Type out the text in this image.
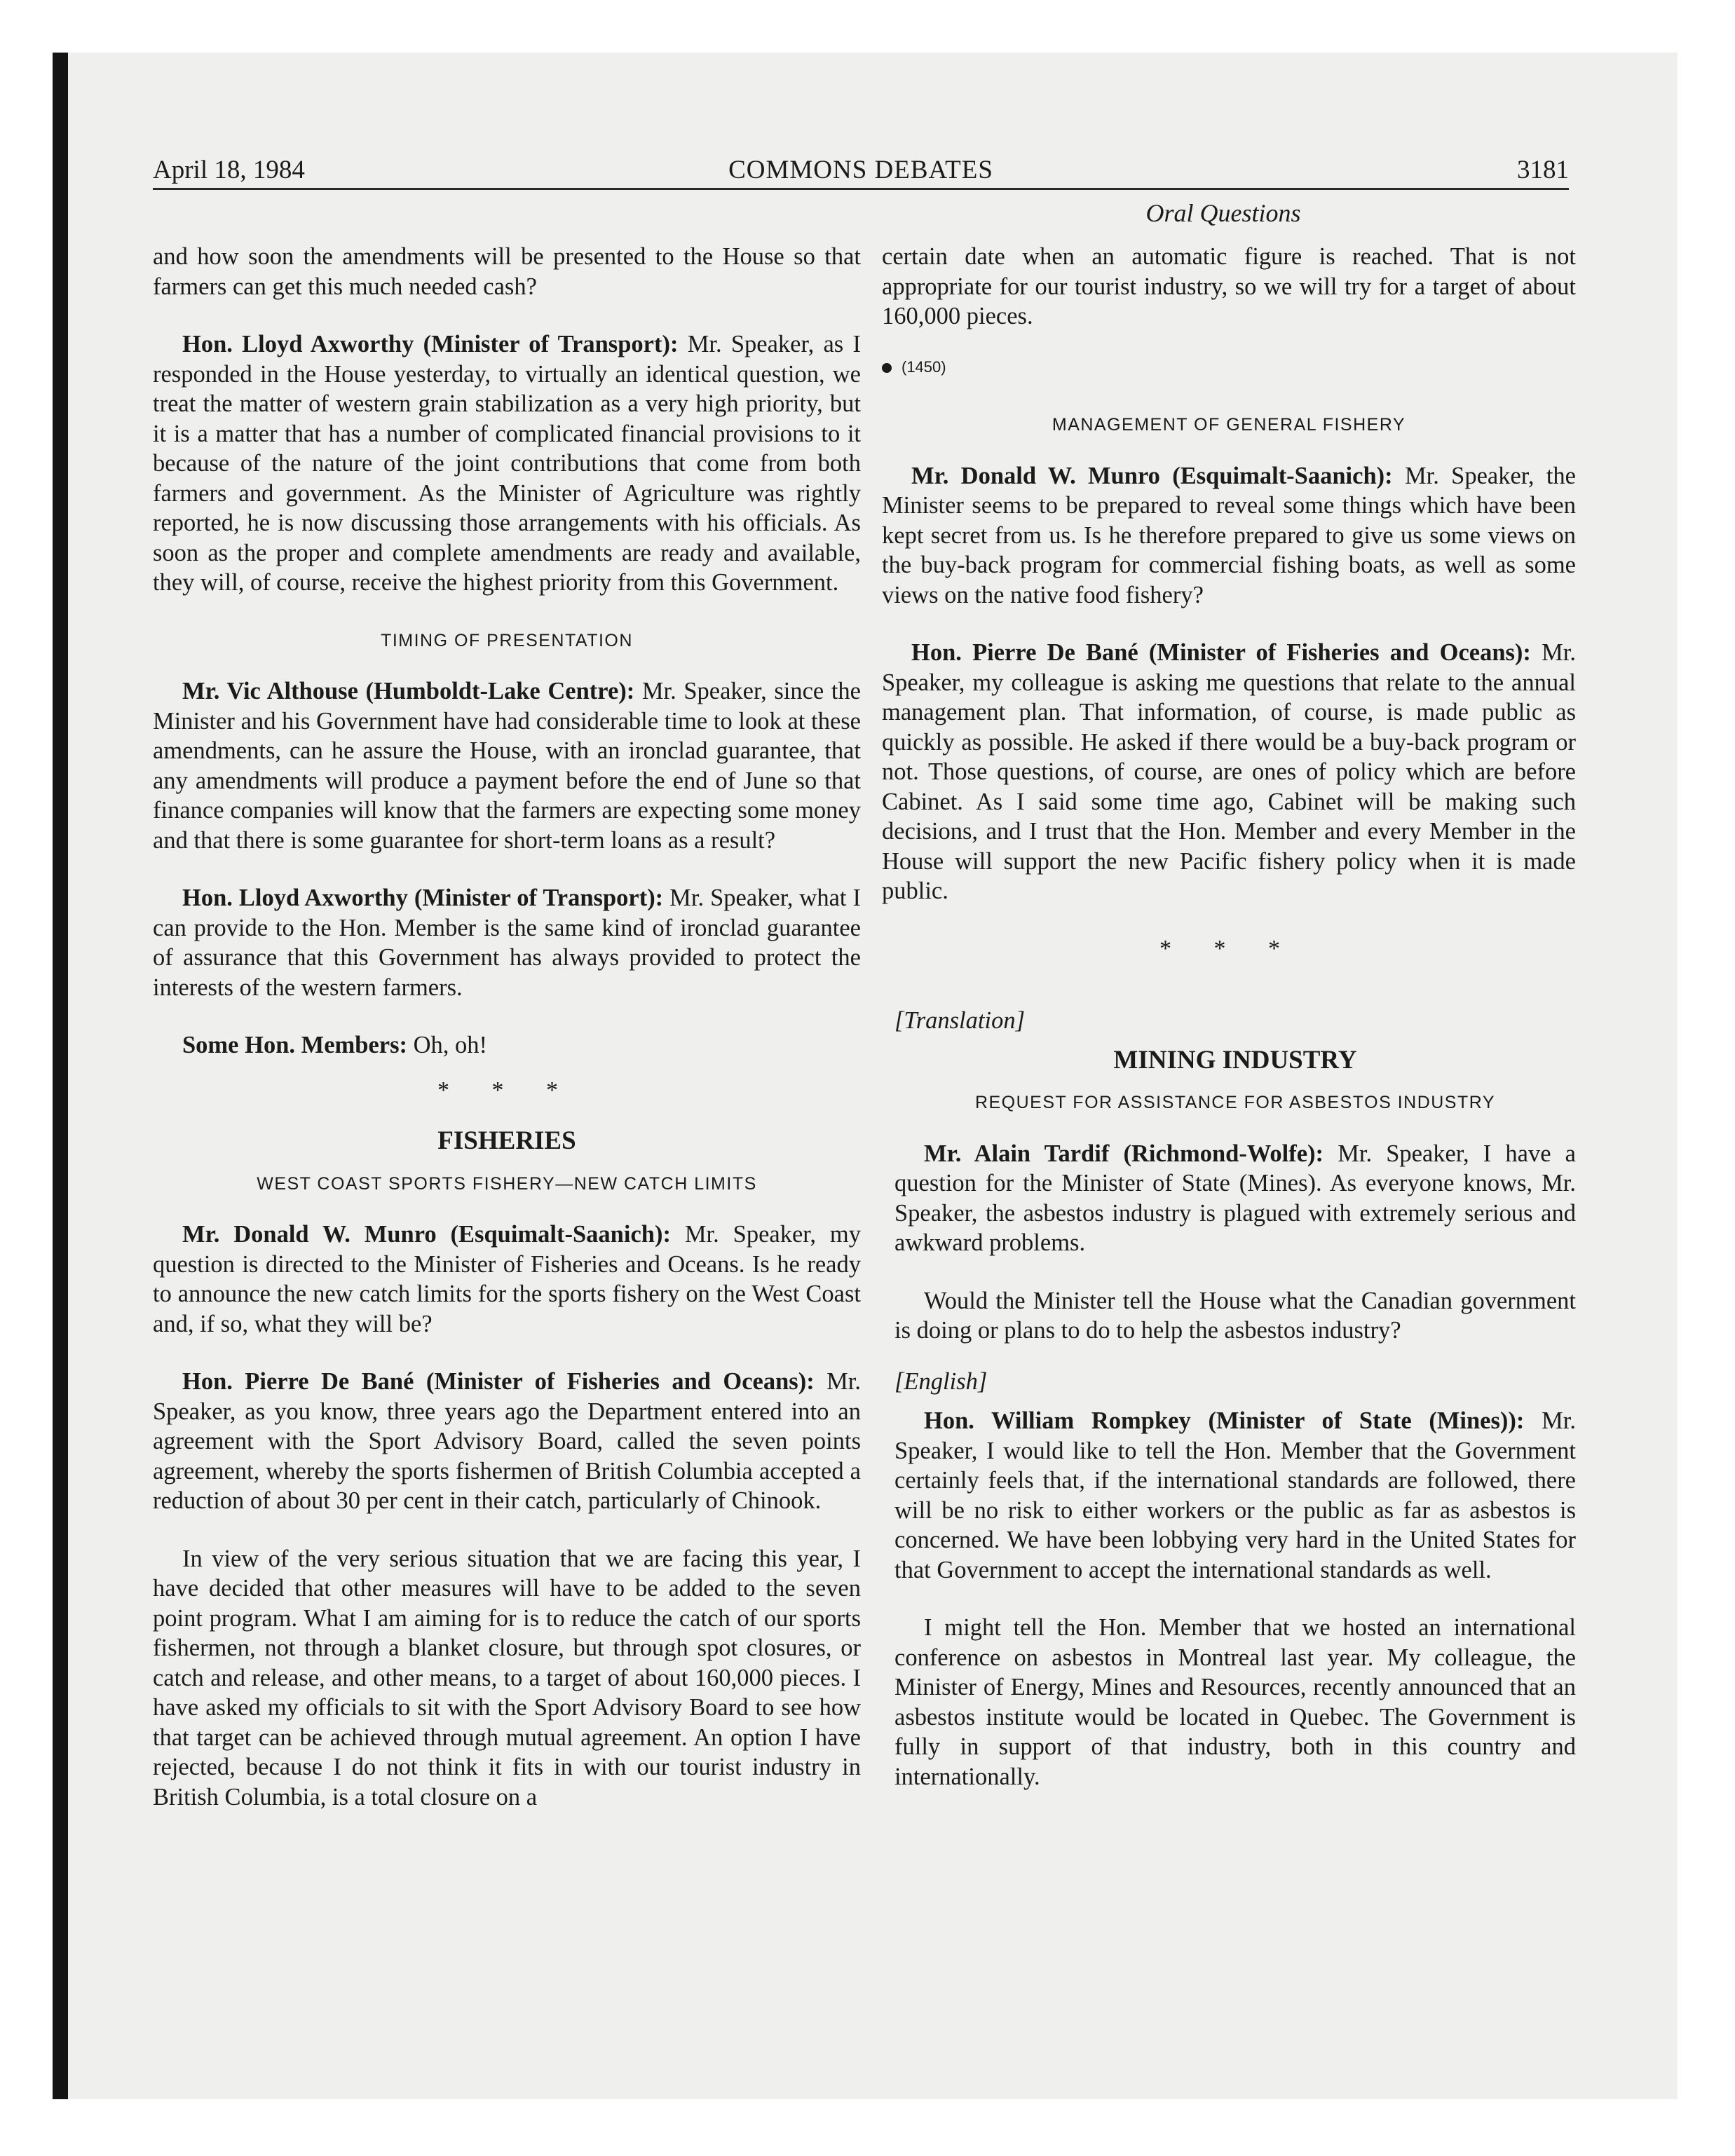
April 18, 1984	COMMONS DEBATES	3181
Oral Questions

and how soon the amendments will be presented to the House so that farmers can get this much needed cash?

Hon. Lloyd Axworthy (Minister of Transport): Mr. Speaker, as I responded in the House yesterday, to virtually an identical question, we treat the matter of western grain stabilization as a very high priority, but it is a matter that has a number of complicated financial provisions to it because of the nature of the joint contributions that come from both farmers and government. As the Minister of Agriculture was rightly reported, he is now discussing those arrangements with his officials. As soon as the proper and complete amendments are ready and available, they will, of course, receive the highest priority from this Government.

TIMING OF PRESENTATION

Mr. Vic Althouse (Humboldt-Lake Centre): Mr. Speaker, since the Minister and his Government have had considerable time to look at these amendments, can he assure the House, with an ironclad guarantee, that any amendments will produce a payment before the end of June so that finance companies will know that the farmers are expecting some money and that there is some guarantee for short-term loans as a result?

Hon. Lloyd Axworthy (Minister of Transport): Mr. Speaker, what I can provide to the Hon. Member is the same kind of ironclad guarantee of assurance that this Government has always provided to protect the interests of the western farmers.

Some Hon. Members: Oh, oh!

* * *
FISHERIES
WEST COAST SPORTS FISHERY—NEW CATCH LIMITS

Mr. Donald W. Munro (Esquimalt-Saanich): Mr. Speaker, my question is directed to the Minister of Fisheries and Oceans. Is he ready to announce the new catch limits for the sports fishery on the West Coast and, if so, what they will be?

Hon. Pierre De Bané (Minister of Fisheries and Oceans): Mr. Speaker, as you know, three years ago the Department entered into an agreement with the Sport Advisory Board, called the seven points agreement, whereby the sports fishermen of British Columbia accepted a reduction of about 30 per cent in their catch, particularly of Chinook.

In view of the very serious situation that we are facing this year, I have decided that other measures will have to be added to the seven point program. What I am aiming for is to reduce the catch of our sports fishermen, not through a blanket closure, but through spot closures, or catch and release, and other means, to a target of about 160,000 pieces. I have asked my officials to sit with the Sport Advisory Board to see how that target can be achieved through mutual agreement. An option I have rejected, because I do not think it fits in with our tourist industry in British Columbia, is a total closure on a

certain date when an automatic figure is reached. That is not appropriate for our tourist industry, so we will try for a target of about 160,000 pieces.

(1450)
MANAGEMENT OF GENERAL FISHERY

Mr. Donald W. Munro (Esquimalt-Saanich): Mr. Speaker, the Minister seems to be prepared to reveal some things which have been kept secret from us. Is he therefore prepared to give us some views on the buy-back program for commercial fishing boats, as well as some views on the native food fishery?

Hon. Pierre De Bané (Minister of Fisheries and Oceans): Mr. Speaker, my colleague is asking me questions that relate to the annual management plan. That information, of course, is made public as quickly as possible. He asked if there would be a buy-back program or not. Those questions, of course, are ones of policy which are before Cabinet. As I said some time ago, Cabinet will be making such decisions, and I trust that the Hon. Member and every Member in the House will support the new Pacific fishery policy when it is made public.

* * *
[Translation]
MINING INDUSTRY
REQUEST FOR ASSISTANCE FOR ASBESTOS INDUSTRY

Mr. Alain Tardif (Richmond-Wolfe): Mr. Speaker, I have a question for the Minister of State (Mines). As everyone knows, Mr. Speaker, the asbestos industry is plagued with extremely serious and awkward problems.

Would the Minister tell the House what the Canadian government is doing or plans to do to help the asbestos industry?

[English]

Hon. William Rompkey (Minister of State (Mines)): Mr. Speaker, I would like to tell the Hon. Member that the Government certainly feels that, if the international standards are followed, there will be no risk to either workers or the public as far as asbestos is concerned. We have been lobbying very hard in the United States for that Government to accept the international standards as well.

I might tell the Hon. Member that we hosted an international conference on asbestos in Montreal last year. My colleague, the Minister of Energy, Mines and Resources, recently announced that an asbestos institute would be located in Quebec. The Government is fully in support of that industry, both in this country and internationally.
